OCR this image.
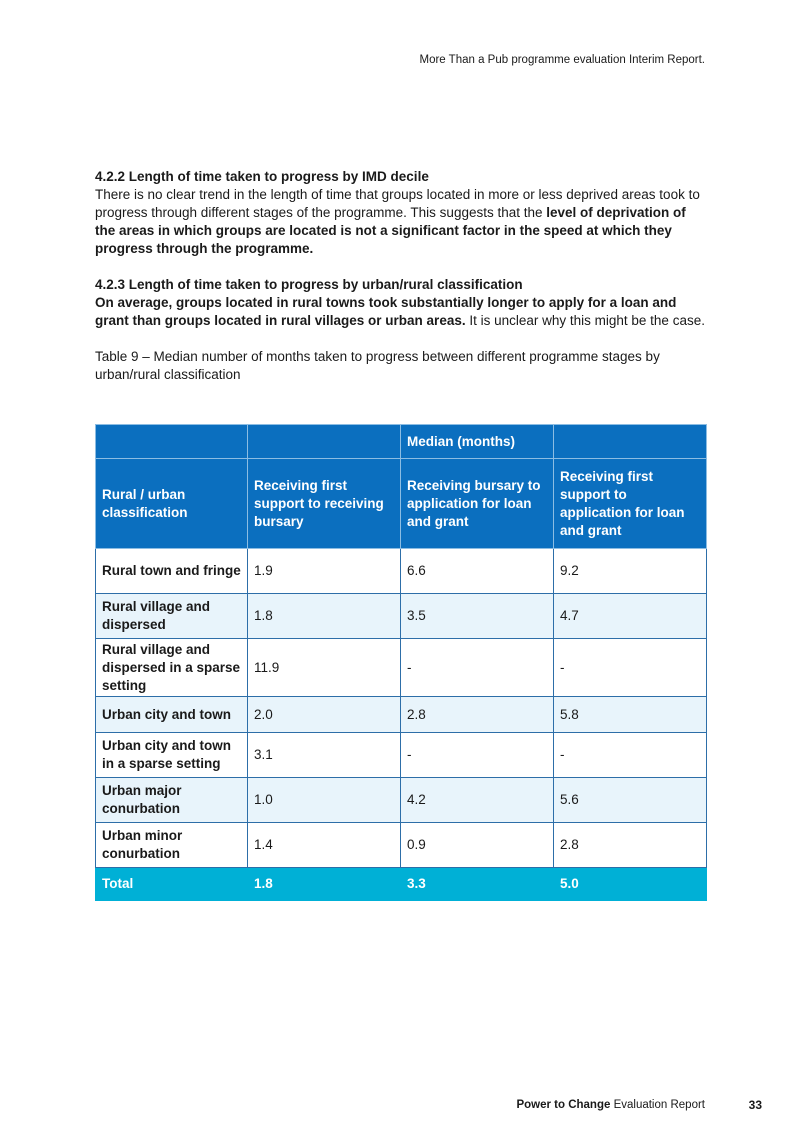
More Than a Pub programme evaluation Interim Report.

4.2.2 Length of time taken to progress by IMD decile

There is no clear trend in the length of time that groups located in more or less deprived areas took to progress through different stages of the programme. This suggests that the level of deprivation of the areas in which groups are located is not a significant factor in the speed at which they progress through the programme.

4.2.3 Length of time taken to progress by urban/rural classification

On average, groups located in rural towns took substantially longer to apply for a loan and grant than groups located in rural villages or urban areas. It is unclear why this might be the case.

Table 9 – Median number of months taken to progress between different programme stages by urban/rural classification

		Median (months)	
Rural / urban classification	Receiving first support to receiving bursary	Receiving bursary to application for loan and grant	Receiving first support to application for loan and grant
Rural town and fringe	1.9	6.6	9.2
Rural village and dispersed	1.8	3.5	4.7
Rural village and dispersed in a sparse setting	11.9	-	-
Urban city and town	2.0	2.8	5.8
Urban city and town in a sparse setting	3.1	-	-
Urban major conurbation	1.0	4.2	5.6
Urban minor conurbation	1.4	0.9	2.8
Total	1.8	3.3	5.0
Power to Change Evaluation Report	33
